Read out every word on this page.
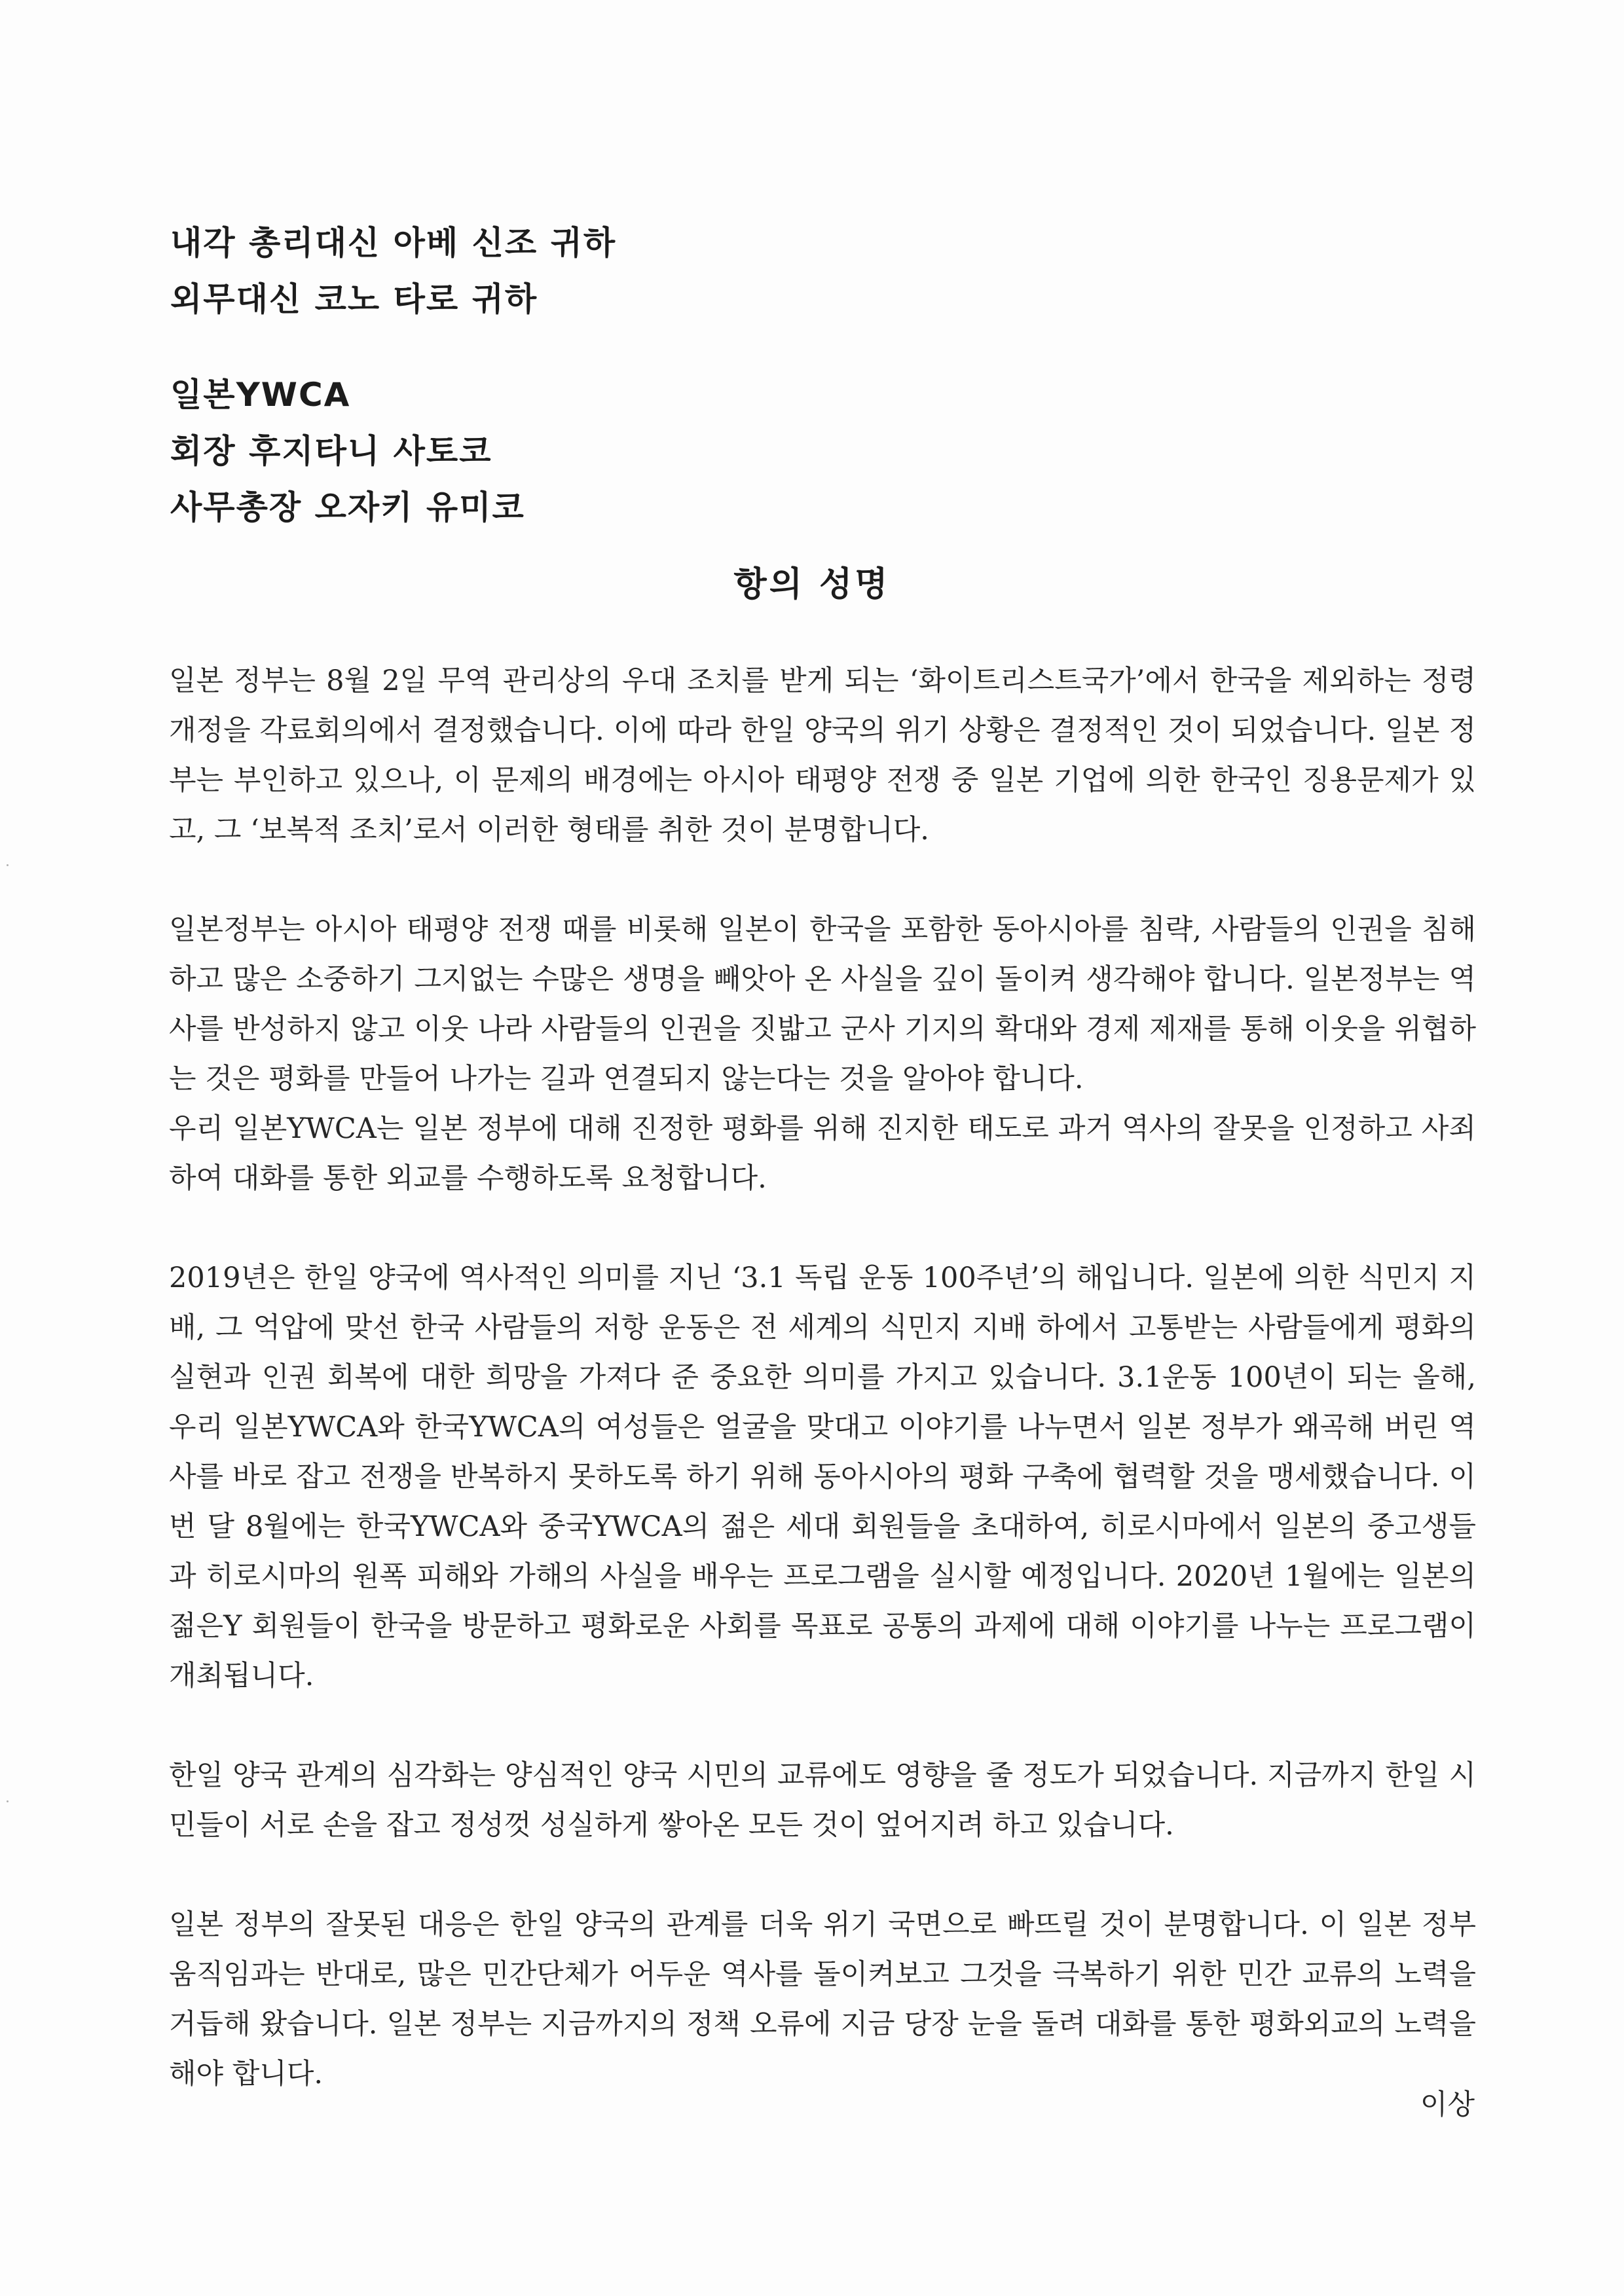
내각 총리대신 아베 신조 귀하
외무대신 코노 타로 귀하
일본YWCA
회장 후지타니 사토코
사무총장 오자키 유미코
항의 성명

일본 정부는 8월 2일 무역 관리상의 우대 조치를 받게 되는 ‘화이트리스트국가’에서 한국을 제외하는 정령 개정을 각료회의에서 결정했습니다. 이에 따라 한일 양국의 위기 상황은 결정적인 것이 되었습니다. 일본 정부는 부인하고 있으나, 이 문제의 배경에는 아시아 태평양 전쟁 중 일본 기업에 의한 한국인 징용문제가 있고, 그 ‘보복적 조치’로서 이러한 형태를 취한 것이 분명합니다.

일본정부는 아시아 태평양 전쟁 때를 비롯해 일본이 한국을 포함한 동아시아를 침략, 사람들의 인권을 침해하고 많은 소중하기 그지없는 수많은 생명을 빼앗아 온 사실을 깊이 돌이켜 생각해야 합니다. 일본정부는 역사를 반성하지 않고 이웃 나라 사람들의 인권을 짓밟고 군사 기지의 확대와 경제 제재를 통해 이웃을 위협하는 것은 평화를 만들어 나가는 길과 연결되지 않는다는 것을 알아야 합니다.

우리 일본YWCA는 일본 정부에 대해 진정한 평화를 위해 진지한 태도로 과거 역사의 잘못을 인정하고 사죄하여 대화를 통한 외교를 수행하도록 요청합니다.

2019년은 한일 양국에 역사적인 의미를 지닌 ‘3.1 독립 운동 100주년’의 해입니다. 일본에 의한 식민지 지배, 그 억압에 맞선 한국 사람들의 저항 운동은 전 세계의 식민지 지배 하에서 고통받는 사람들에게 평화의 실현과 인권 회복에 대한 희망을 가져다 준 중요한 의미를 가지고 있습니다. 3.1운동 100년이 되는 올해, 우리 일본YWCA와 한국YWCA의 여성들은 얼굴을 맞대고 이야기를 나누면서 일본 정부가 왜곡해 버린 역사를 바로 잡고 전쟁을 반복하지 못하도록 하기 위해 동아시아의 평화 구축에 협력할 것을 맹세했습니다. 이번 달 8월에는 한국YWCA와 중국YWCA의 젊은 세대 회원들을 초대하여, 히로시마에서 일본의 중고생들과 히로시마의 원폭 피해와 가해의 사실을 배우는 프로그램을 실시할 예정입니다. 2020년 1월에는 일본의 젊은Y 회원들이 한국을 방문하고 평화로운 사회를 목표로 공통의 과제에 대해 이야기를 나누는 프로그램이 개최됩니다.

한일 양국 관계의 심각화는 양심적인 양국 시민의 교류에도 영향을 줄 정도가 되었습니다. 지금까지 한일 시민들이 서로 손을 잡고 정성껏 성실하게 쌓아온 모든 것이 엎어지려 하고 있습니다.

일본 정부의 잘못된 대응은 한일 양국의 관계를 더욱 위기 국면으로 빠뜨릴 것이 분명합니다. 이 일본 정부 움직임과는 반대로, 많은 민간단체가 어두운 역사를 돌이켜보고 그것을 극복하기 위한 민간 교류의 노력을 거듭해 왔습니다. 일본 정부는 지금까지의 정책 오류에 지금 당장 눈을 돌려 대화를 통한 평화외교의 노력을 해야 합니다.

이상
